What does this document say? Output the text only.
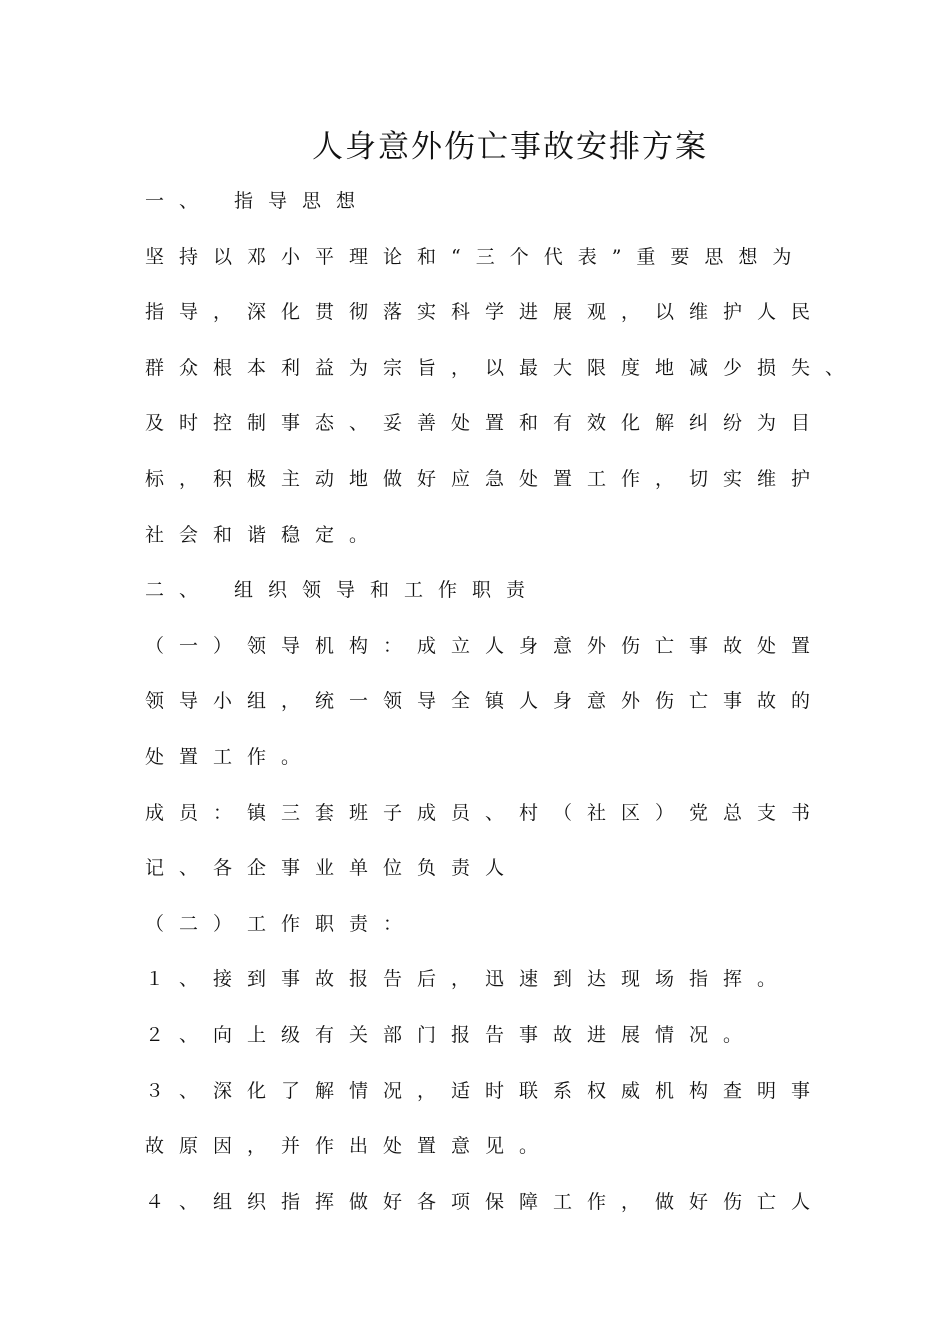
人身意外伤亡事故安排方案
一、 指导思想
坚持以邓小平理论和“三个代表”重要思想为
指导，深化贯彻落实科学进展观，以维护人民
群众根本利益为宗旨，以最大限度地减少损失、
及时控制事态、妥善处置和有效化解纠纷为目
标，积极主动地做好应急处置工作，切实维护
社会和谐稳定。
二、 组织领导和工作职责
（一）领导机构：成立人身意外伤亡事故处置
领导小组，统一领导全镇人身意外伤亡事故的
处置工作。
成员：镇三套班子成员、村（社区）党总支书
记、各企事业单位负责人
（二）工作职责：
１、接到事故报告后，迅速到达现场指挥。
２、向上级有关部门报告事故进展情况。
３、深化了解情况，适时联系权威机构查明事
故原因，并作出处置意见。
４、组织指挥做好各项保障工作，做好伤亡人
